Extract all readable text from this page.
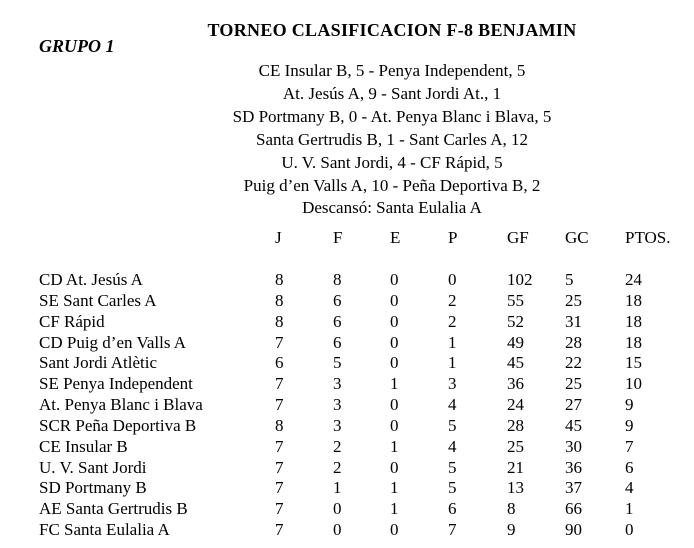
TORNEO CLASIFICACION F-8 BENJAMIN
GRUPO 1
CE Insular B, 5 - Penya Independent, 5
At. Jesús A, 9 - Sant Jordi At., 1
SD Portmany B, 0 - At. Penya Blanc i Blava, 5
Santa Gertrudis B, 1 - Sant Carles A, 12
U. V. Sant Jordi, 4 - CF Rápid, 5
Puig d’en Valls A, 10 - Peña Deportiva B, 2
Descansó: Santa Eulalia A
J	F	E	P	GF	GC	PTOS.
CD At. Jesús A	8	8	0	0	102	5	24
SE Sant Carles A	8	6	0	2	55	25	18
CF Rápid	8	6	0	2	52	31	18
CD Puig d’en Valls A	7	6	0	1	49	28	18
Sant Jordi Atlètic	6	5	0	1	45	22	15
SE Penya Independent	7	3	1	3	36	25	10
At. Penya Blanc i Blava	7	3	0	4	24	27	9
SCR Peña Deportiva B	8	3	0	5	28	45	9
CE Insular B	7	2	1	4	25	30	7
U. V. Sant Jordi	7	2	0	5	21	36	6
SD Portmany B	7	1	1	5	13	37	4
AE Santa Gertrudis B	7	0	1	6	8	66	1
FC Santa Eulalia A	7	0	0	7	9	90	0
